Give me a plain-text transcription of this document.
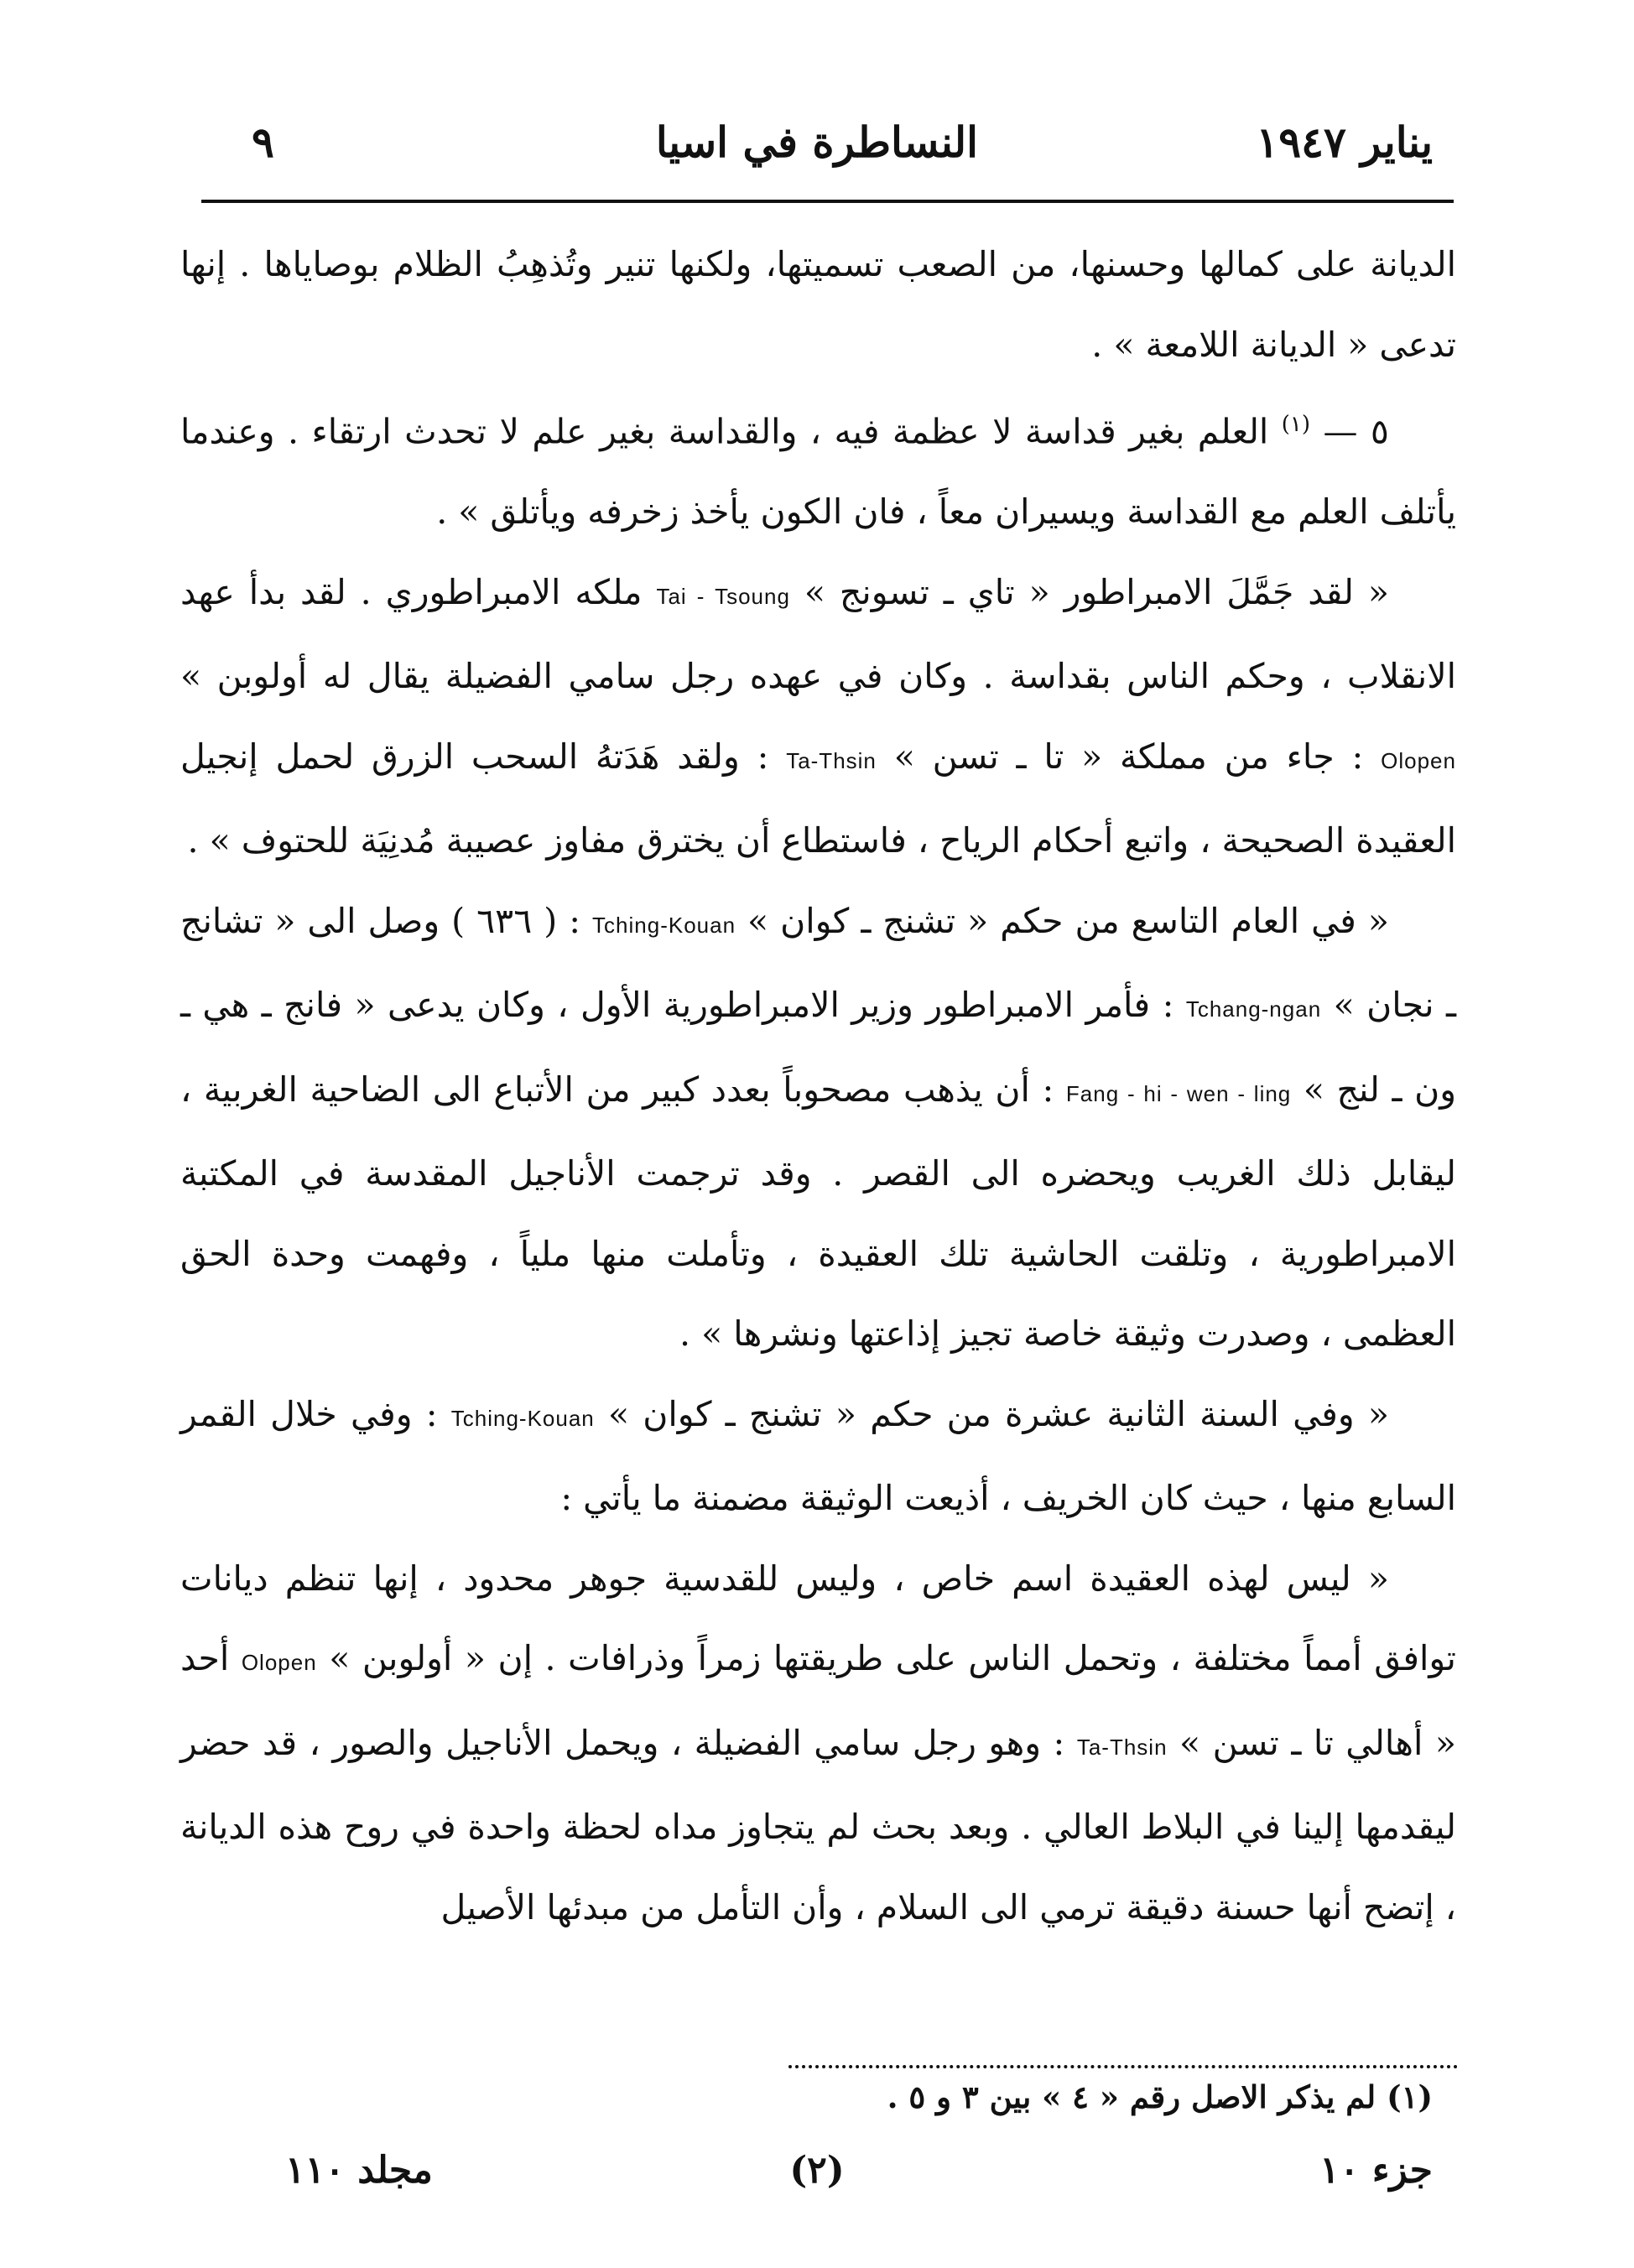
يناير ١٩٤٧
النساطرة في اسيا
٩

الديانة على كمالها وحسنها، من الصعب تسميتها، ولكنها تنير وتُذهِبُ الظلام بوصاياها . إنها تدعى « الديانة اللامعة » .

٥ — $^{(١)}$ العلم بغير قداسة لا عظمة فيه ، والقداسة بغير علم لا تحدث ارتقاء . وعندما يأتلف العلم مع القداسة ويسيران معاً ، فان الكون يأخذ زخرفه ويأتلق » .

« لقد جَمَّلَ الامبراطور « تاي ـ تسونج » Tai - Tsoung ملكه الامبراطوري . لقد بدأ عهد الانقلاب ، وحكم الناس بقداسة . وكان في عهده رجل سامي الفضيلة يقال له أولوبن » Olopen : جاء من مملكة « تا ـ تسن » Ta-Thsin : ولقد هَدَتهُ السحب الزرق لحمل إنجيل العقيدة الصحيحة ، واتبع أحكام الرياح ، فاستطاع أن يخترق مفاوز عصيبة مُدنِيَة للحتوف » .

« في العام التاسع من حكم « تشنج ـ كوان » Tching-Kouan : ( ٦٣٦ ) وصل الى « تشانج ـ نجان » Tchang-ngan : فأمر الامبراطور وزير الامبراطورية الأول ، وكان يدعى « فانج ـ هي ـ ون ـ لنج » Fang - hi - wen - ling : أن يذهب مصحوباً بعدد كبير من الأتباع الى الضاحية الغربية ، ليقابل ذلك الغريب ويحضره الى القصر . وقد ترجمت الأناجيل المقدسة في المكتبة الامبراطورية ، وتلقت الحاشية تلك العقيدة ، وتأملت منها ملياً ، وفهمت وحدة الحق العظمى ، وصدرت وثيقة خاصة تجيز إذاعتها ونشرها » .

« وفي السنة الثانية عشرة من حكم « تشنج ـ كوان » Tching-Kouan : وفي خلال القمر السابع منها ، حيث كان الخريف ، أذيعت الوثيقة مضمنة ما يأتي :

« ليس لهذه العقيدة اسم خاص ، وليس للقدسية جوهر محدود ، إنها تنظم ديانات توافق أمماً مختلفة ، وتحمل الناس على طريقتها زمراً وذرافات . إن « أولوبن » Olopen أحد « أهالي تا ـ تسن » Ta-Thsin : وهو رجل سامي الفضيلة ، ويحمل الأناجيل والصور ، قد حضر ليقدمها إلينا في البلاط العالي . وبعد بحث لم يتجاوز مداه لحظة واحدة في روح هذه الديانة ، إتضح أنها حسنة دقيقة ترمي الى السلام ، وأن التأمل من مبدئها الأصيل

(١) لم يذكر الاصل رقم « ٤ » بين ٣ و ٥ .
جزء ١٠
(٢)
مجلد ١١٠
